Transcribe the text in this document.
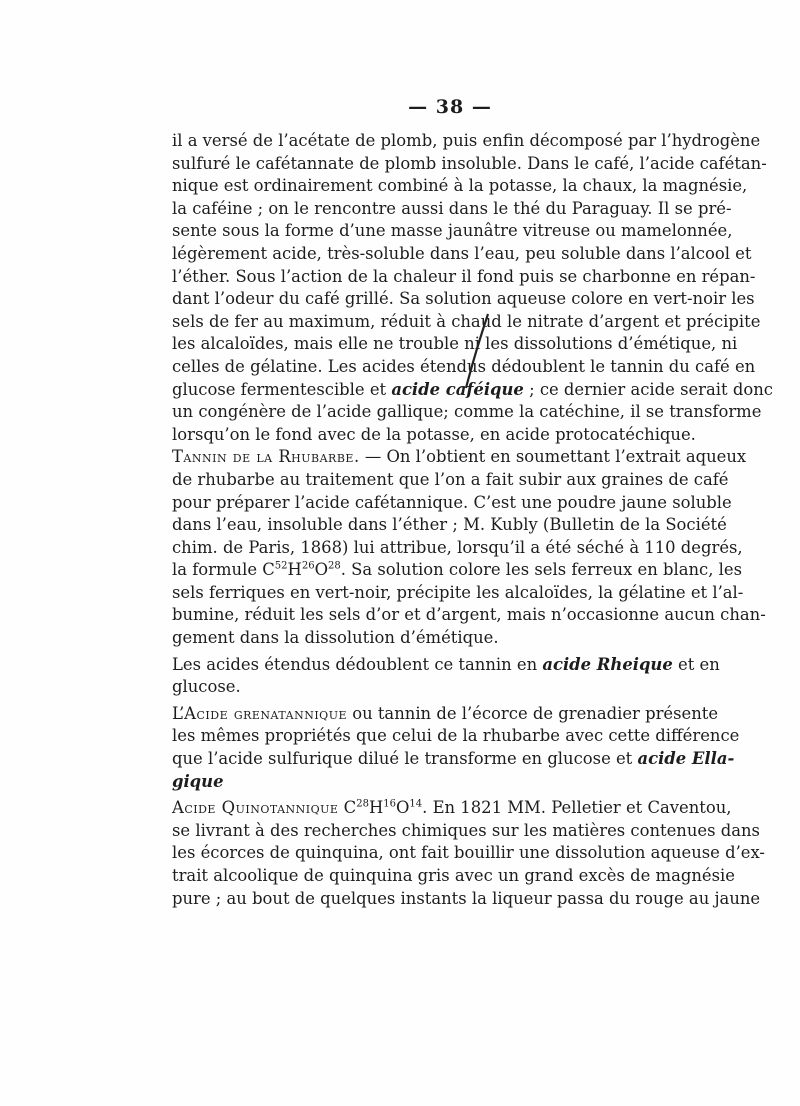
— 38 —
il a versé de l’acétate de plomb, puis enfin décomposé par l’hydrogène
sulfuré le cafétannate de plomb insoluble. Dans le café, l’acide cafétan-
nique est ordinairement combiné à la potasse, la chaux, la magnésie,
la caféine ; on le rencontre aussi dans le thé du Paraguay. Il se pré-
sente sous la forme d’une masse jaunâtre vitreuse ou mamelonnée,
légèrement acide, très-soluble dans l’eau, peu soluble dans l’alcool et
l’éther. Sous l’action de la chaleur il fond puis se charbonne en répan-
dant l’odeur du café grillé. Sa solution aqueuse colore en vert-noir les
sels de fer au maximum, réduit à chaud le nitrate d’argent et précipite
les alcaloïdes, mais elle ne trouble ni les dissolutions d’émétique, ni
celles de gélatine. Les acides étendus dédoublent le tannin du café en
glucose fermentescible et acide caféique ; ce dernier acide serait donc
un congénère de l’acide gallique; comme la catéchine, il se transforme
lorsqu’on le fond avec de la potasse, en acide protocatéchique.
Tannin de la Rhubarbe. — On l’obtient en soumettant l’extrait aqueux
de rhubarbe au traitement que l’on a fait subir aux graines de café
pour préparer l’acide cafétannique. C’est une poudre jaune soluble
dans l’eau, insoluble dans l’éther ; M. Kubly (Bulletin de la Société
chim. de Paris, 1868) lui attribue, lorsqu’il a été séché à 110 degrés,
la formule $C^{52}H^{26}O^{28}$. Sa solution colore les sels ferreux en blanc, les
sels ferriques en vert-noir, précipite les alcaloïdes, la gélatine et l’al-
bumine, réduit les sels d’or et d’argent, mais n’occasionne aucun chan-
gement dans la dissolution d’émétique.
Les acides étendus dédoublent ce tannin en acide Rheique et en
glucose.
L’Acide grenatannique ou tannin de l’écorce de grenadier présente
les mêmes propriétés que celui de la rhubarbe avec cette différence
que l’acide sulfurique dilué le transforme en glucose et acide Ella-
gique
Acide Quinotannique $C^{28}H^{16}O^{14}$. En 1821 MM. Pelletier et Caventou,
se livrant à des recherches chimiques sur les matières contenues dans
les écorces de quinquina, ont fait bouillir une dissolution aqueuse d’ex-
trait alcoolique de quinquina gris avec un grand excès de magnésie
pure ; au bout de quelques instants la liqueur passa du rouge au jaune
